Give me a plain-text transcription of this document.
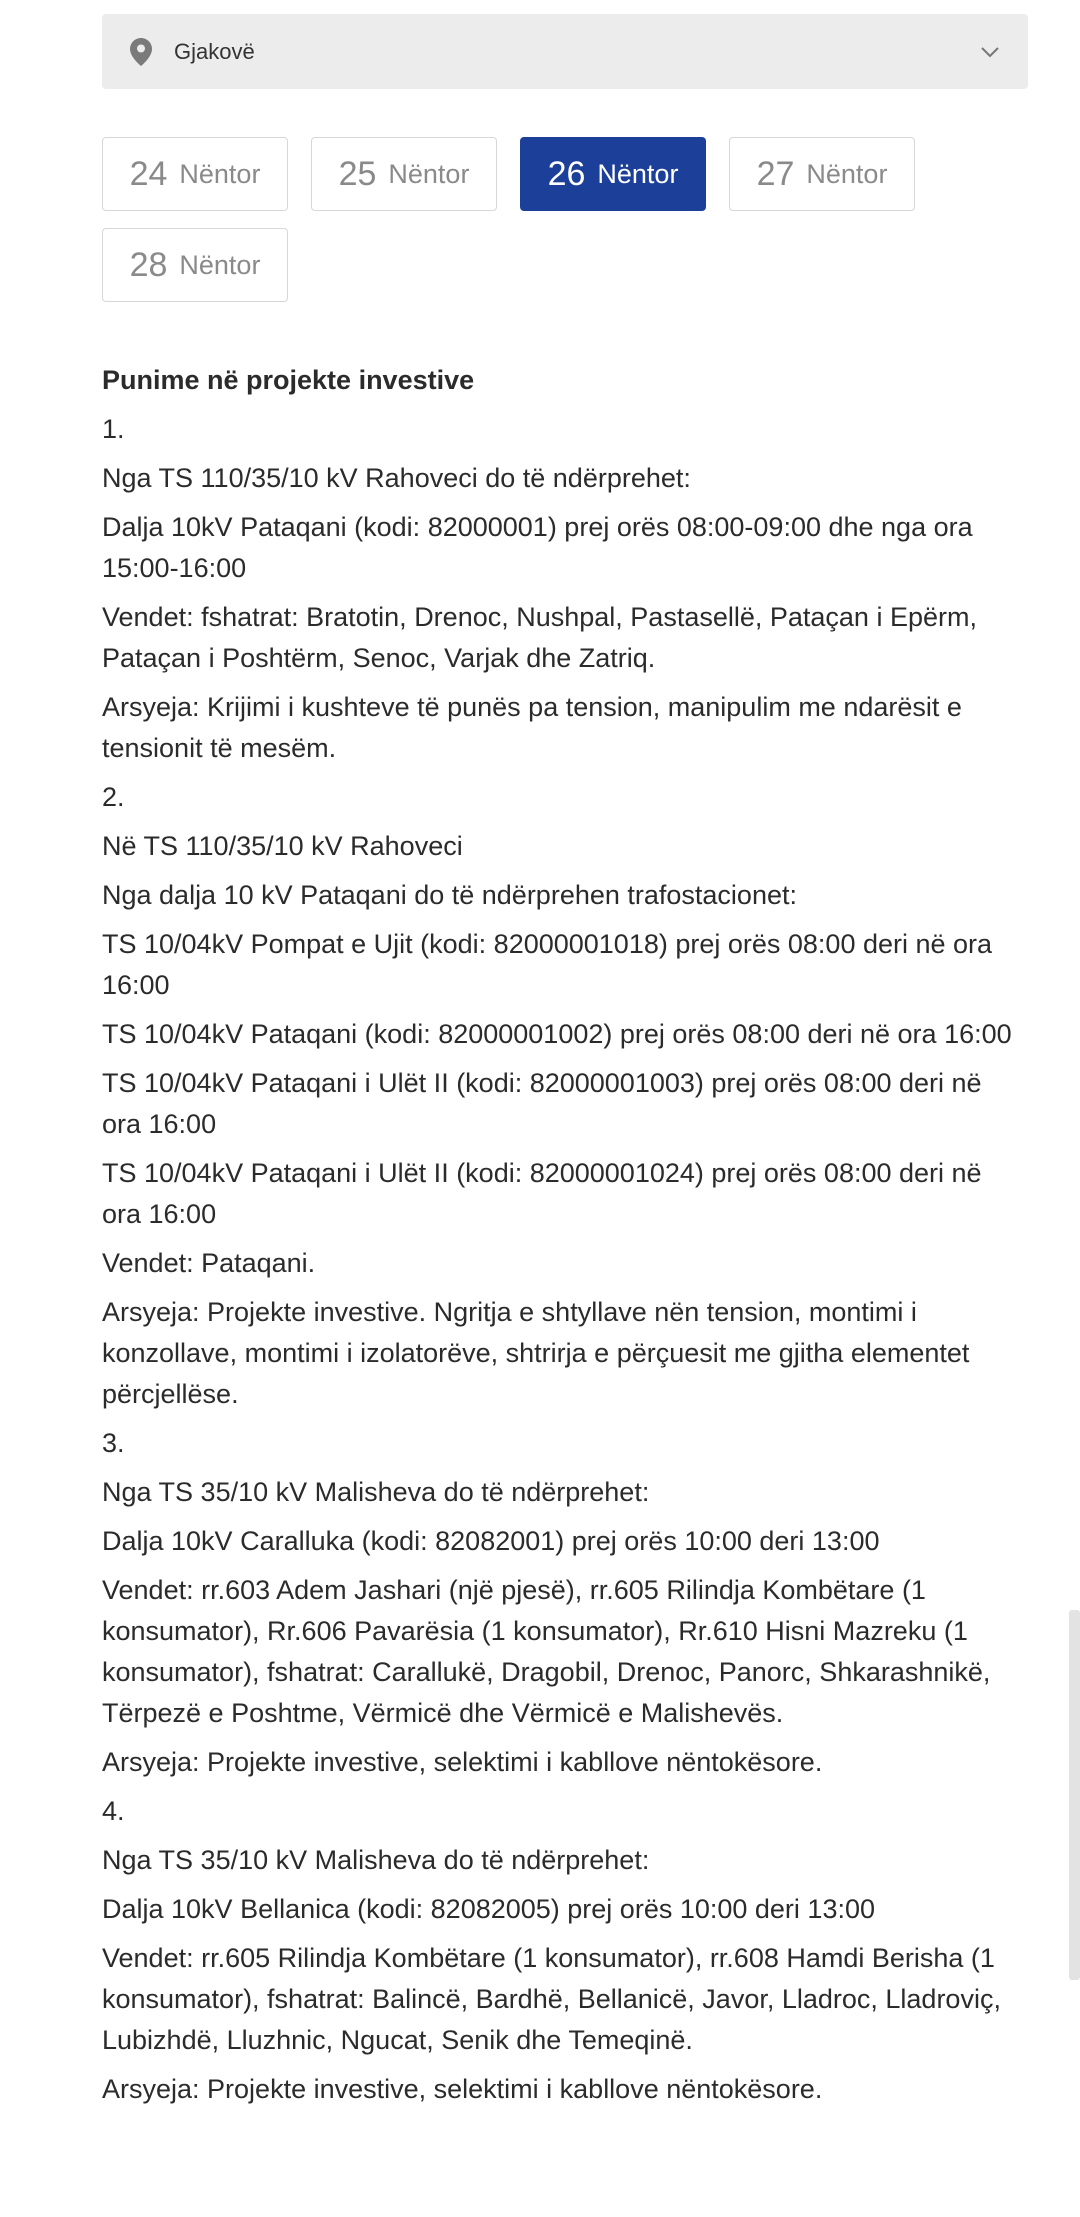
Gjakovë
24 Nëntor 25 Nëntor 26 Nëntor 27 Nëntor
28 Nëntor

Punime në projekte investive

1.

Nga TS 110/35/10 kV Rahoveci do të ndërprehet:

Dalja 10kV Pataqani (kodi: 82000001) prej orës 08:00-09:00 dhe nga ora 15:00-16:00

Vendet: fshatrat: Bratotin, Drenoc, Nushpal, Pastasellë, Pataçan i Epërm, Pataçan i Poshtërm, Senoc, Varjak dhe Zatriq.

Arsyeja: Krijimi i kushteve të punës pa tension, manipulim me ndarësit e tensionit të mesëm.

2.

Në TS 110/35/10 kV Rahoveci

Nga dalja 10 kV Pataqani do të ndërprehen trafostacionet:

TS 10/04kV Pompat e Ujit (kodi: 82000001018) prej orës 08:00 deri në ora 16:00

TS 10/04kV Pataqani (kodi: 82000001002) prej orës 08:00 deri në ora 16:00

TS 10/04kV Pataqani i Ulët II (kodi: 82000001003) prej orës 08:00 deri në ora 16:00

TS 10/04kV Pataqani i Ulët II (kodi: 82000001024) prej orës 08:00 deri në ora 16:00

Vendet: Pataqani.

Arsyeja: Projekte investive. Ngritja e shtyllave nën tension, montimi i konzollave, montimi i izolatorëve, shtrirja e përçuesit me gjitha elementet përcjellëse.

3.

Nga TS 35/10 kV Malisheva do të ndërprehet:

Dalja 10kV Caralluka (kodi: 82082001) prej orës 10:00 deri 13:00

Vendet: rr.603 Adem Jashari (një pjesë), rr.605 Rilindja Kombëtare (1 konsumator), Rr.606 Pavarësia (1 konsumator), Rr.610 Hisni Mazreku (1 konsumator), fshatrat: Carallukë, Dragobil, Drenoc, Panorc, Shkarashnikë, Tërpezë e Poshtme, Vërmicë dhe Vërmicë e Malishevës.

Arsyeja: Projekte investive, selektimi i kabllove nëntokësore.

4.

Nga TS 35/10 kV Malisheva do të ndërprehet:

Dalja 10kV Bellanica (kodi: 82082005) prej orës 10:00 deri 13:00

Vendet: rr.605 Rilindja Kombëtare (1 konsumator), rr.608 Hamdi Berisha (1 konsumator), fshatrat: Balincë, Bardhë, Bellanicë, Javor, Lladroc, Lladroviç, Lubizhdë, Lluzhnic, Ngucat, Senik dhe Temeqinë.

Arsyeja: Projekte investive, selektimi i kabllove nëntokësore.
